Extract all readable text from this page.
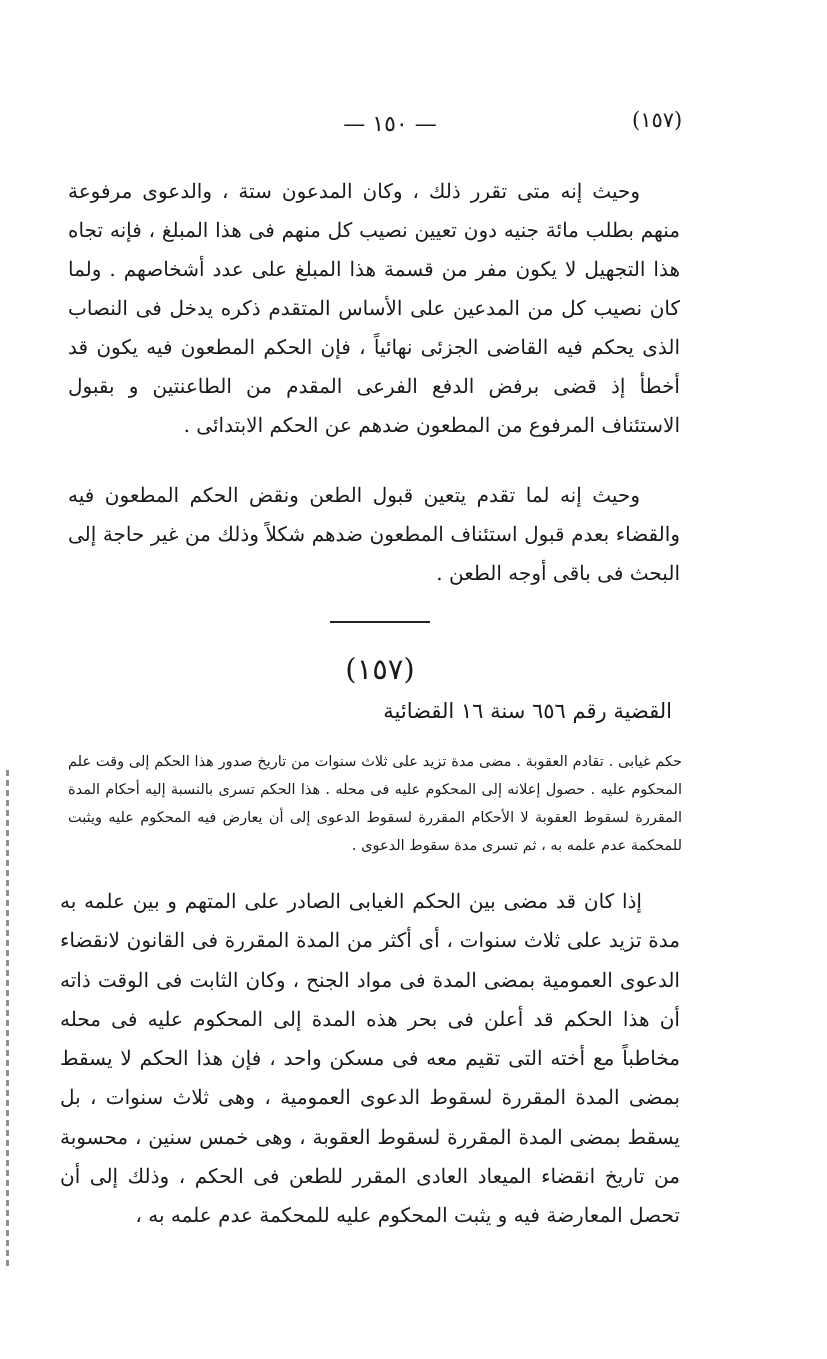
(١٥٧)
— ١٥٠ —

وحيث إنه متى تقرر ذلك ، وكان المدعون ستة ، والدعوى مرفوعة منهم بطلب مائة جنيه دون تعيين نصيب كل منهم فى هذا المبلغ ، فإنه تجاه هذا التجهيل لا يكون مفر من قسمة هذا المبلغ على عدد أشخاصهم . ولما كان نصيب كل من المدعين على الأساس المتقدم ذكره يدخل فى النصاب الذى يحكم فيه القاضى الجزئى نهائياً ، فإن الحكم المطعون فيه يكون قد أخطأ إذ قضى برفض الدفع الفرعى المقدم من الطاعنتين و بقبول الاستئناف المرفوع من المطعون ضدهم عن الحكم الابتدائى .

وحيث إنه لما تقدم يتعين قبول الطعن ونقض الحكم المطعون فيه والقضاء بعدم قبول استئناف المطعون ضدهم شكلاً وذلك من غير حاجة إلى البحث فى باقى أوجه الطعن .

(١٥٧)
القضية رقم ٦٥٦ سنة ١٦ القضائية

حكم غيابى . تقادم العقوبة . مضى مدة تزيد على ثلاث سنوات من تاريخ صدور هذا الحكم إلى وقت علم المحكوم عليه . حصول إعلانه إلى المحكوم عليه فى محله . هذا الحكم تسرى بالنسبة إليه أحكام المدة المقررة لسقوط العقوبة لا الأحكام المقررة لسقوط الدعوى إلى أن يعارض فيه المحكوم عليه ويثبت للمحكمة عدم علمه به ، ثم تسرى مدة سقوط الدعوى .

إذا كان قد مضى بين الحكم الغيابى الصادر على المتهم و بين علمه به مدة تزيد على ثلاث سنوات ، أى أكثر من المدة المقررة فى القانون لانقضاء الدعوى العمومية بمضى المدة فى مواد الجنح ، وكان الثابت فى الوقت ذاته أن هذا الحكم قد أعلن فى بحر هذه المدة إلى المحكوم عليه فى محله مخاطباً مع أخته التى تقيم معه فى مسكن واحد ، فإن هذا الحكم لا يسقط بمضى المدة المقررة لسقوط الدعوى العمومية ، وهى ثلاث سنوات ، بل يسقط بمضى المدة المقررة لسقوط العقوبة ، وهى خمس سنين ، محسوبة من تاريخ انقضاء الميعاد العادى المقرر للطعن فى الحكم ، وذلك إلى أن تحصل المعارضة فيه و يثبت المحكوم عليه للمحكمة عدم علمه به ،
